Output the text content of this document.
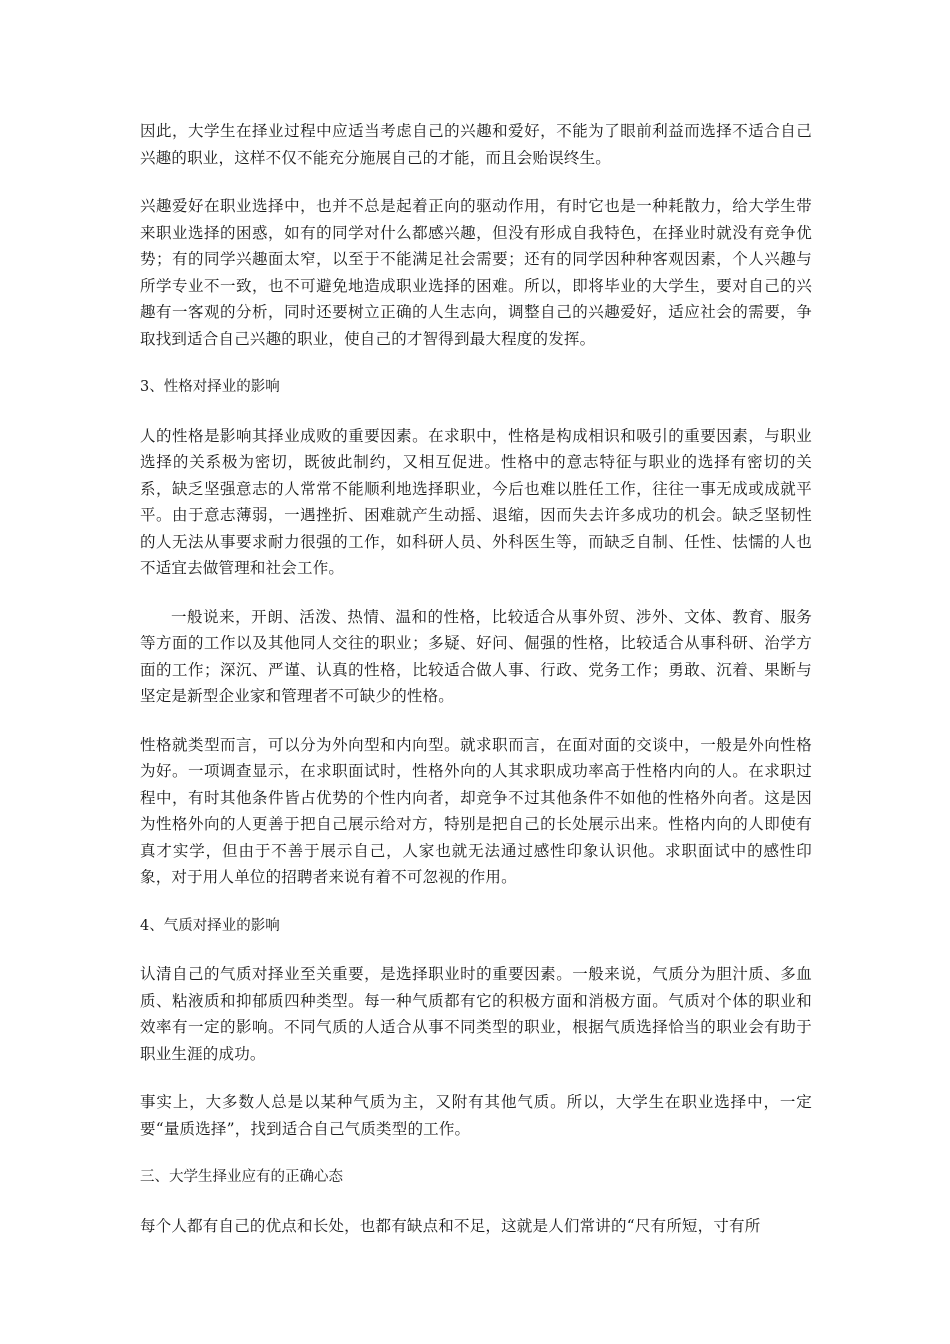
因此，大学生在择业过程中应适当考虑自己的兴趣和爱好，不能为了眼前利益而选择不适合自己兴趣的职业，这样不仅不能充分施展自己的才能，而且会贻误终生。

兴趣爱好在职业选择中，也并不总是起着正向的驱动作用，有时它也是一种耗散力，给大学生带来职业选择的困惑，如有的同学对什么都感兴趣，但没有形成自我特色，在择业时就没有竞争优势；有的同学兴趣面太窄，以至于不能满足社会需要；还有的同学因种种客观因素，个人兴趣与所学专业不一致，也不可避免地造成职业选择的困难。所以，即将毕业的大学生，要对自己的兴趣有一客观的分析，同时还要树立正确的人生志向，调整自己的兴趣爱好，适应社会的需要，争取找到适合自己兴趣的职业，使自己的才智得到最大程度的发挥。

3、性格对择业的影响

人的性格是影响其择业成败的重要因素。在求职中，性格是构成相识和吸引的重要因素，与职业选择的关系极为密切，既彼此制约，又相互促进。性格中的意志特征与职业的选择有密切的关系，缺乏坚强意志的人常常不能顺利地选择职业，今后也难以胜任工作，往往一事无成或成就平平。由于意志薄弱，一遇挫折、困难就产生动摇、退缩，因而失去许多成功的机会。缺乏坚韧性的人无法从事要求耐力很强的工作，如科研人员、外科医生等，而缺乏自制、任性、怯懦的人也不适宜去做管理和社会工作。

一般说来，开朗、活泼、热情、温和的性格，比较适合从事外贸、涉外、文体、教育、服务等方面的工作以及其他同人交往的职业；多疑、好问、倔强的性格，比较适合从事科研、治学方面的工作；深沉、严谨、认真的性格，比较适合做人事、行政、党务工作；勇敢、沉着、果断与坚定是新型企业家和管理者不可缺少的性格。

性格就类型而言，可以分为外向型和内向型。就求职而言，在面对面的交谈中，一般是外向性格为好。一项调查显示，在求职面试时，性格外向的人其求职成功率高于性格内向的人。在求职过程中，有时其他条件皆占优势的个性内向者，却竞争不过其他条件不如他的性格外向者。这是因为性格外向的人更善于把自己展示给对方，特别是把自己的长处展示出来。性格内向的人即使有真才实学，但由于不善于展示自己，人家也就无法通过感性印象认识他。求职面试中的感性印象，对于用人单位的招聘者来说有着不可忽视的作用。

4、气质对择业的影响

认清自己的气质对择业至关重要，是选择职业时的重要因素。一般来说，气质分为胆汁质、多血质、粘液质和抑郁质四种类型。每一种气质都有它的积极方面和消极方面。气质对个体的职业和效率有一定的影响。不同气质的人适合从事不同类型的职业，根据气质选择恰当的职业会有助于职业生涯的成功。

事实上，大多数人总是以某种气质为主，又附有其他气质。所以，大学生在职业选择中，一定要“量质选择”，找到适合自己气质类型的工作。

三、大学生择业应有的正确心态

每个人都有自己的优点和长处，也都有缺点和不足，这就是人们常讲的“尺有所短，寸有所
